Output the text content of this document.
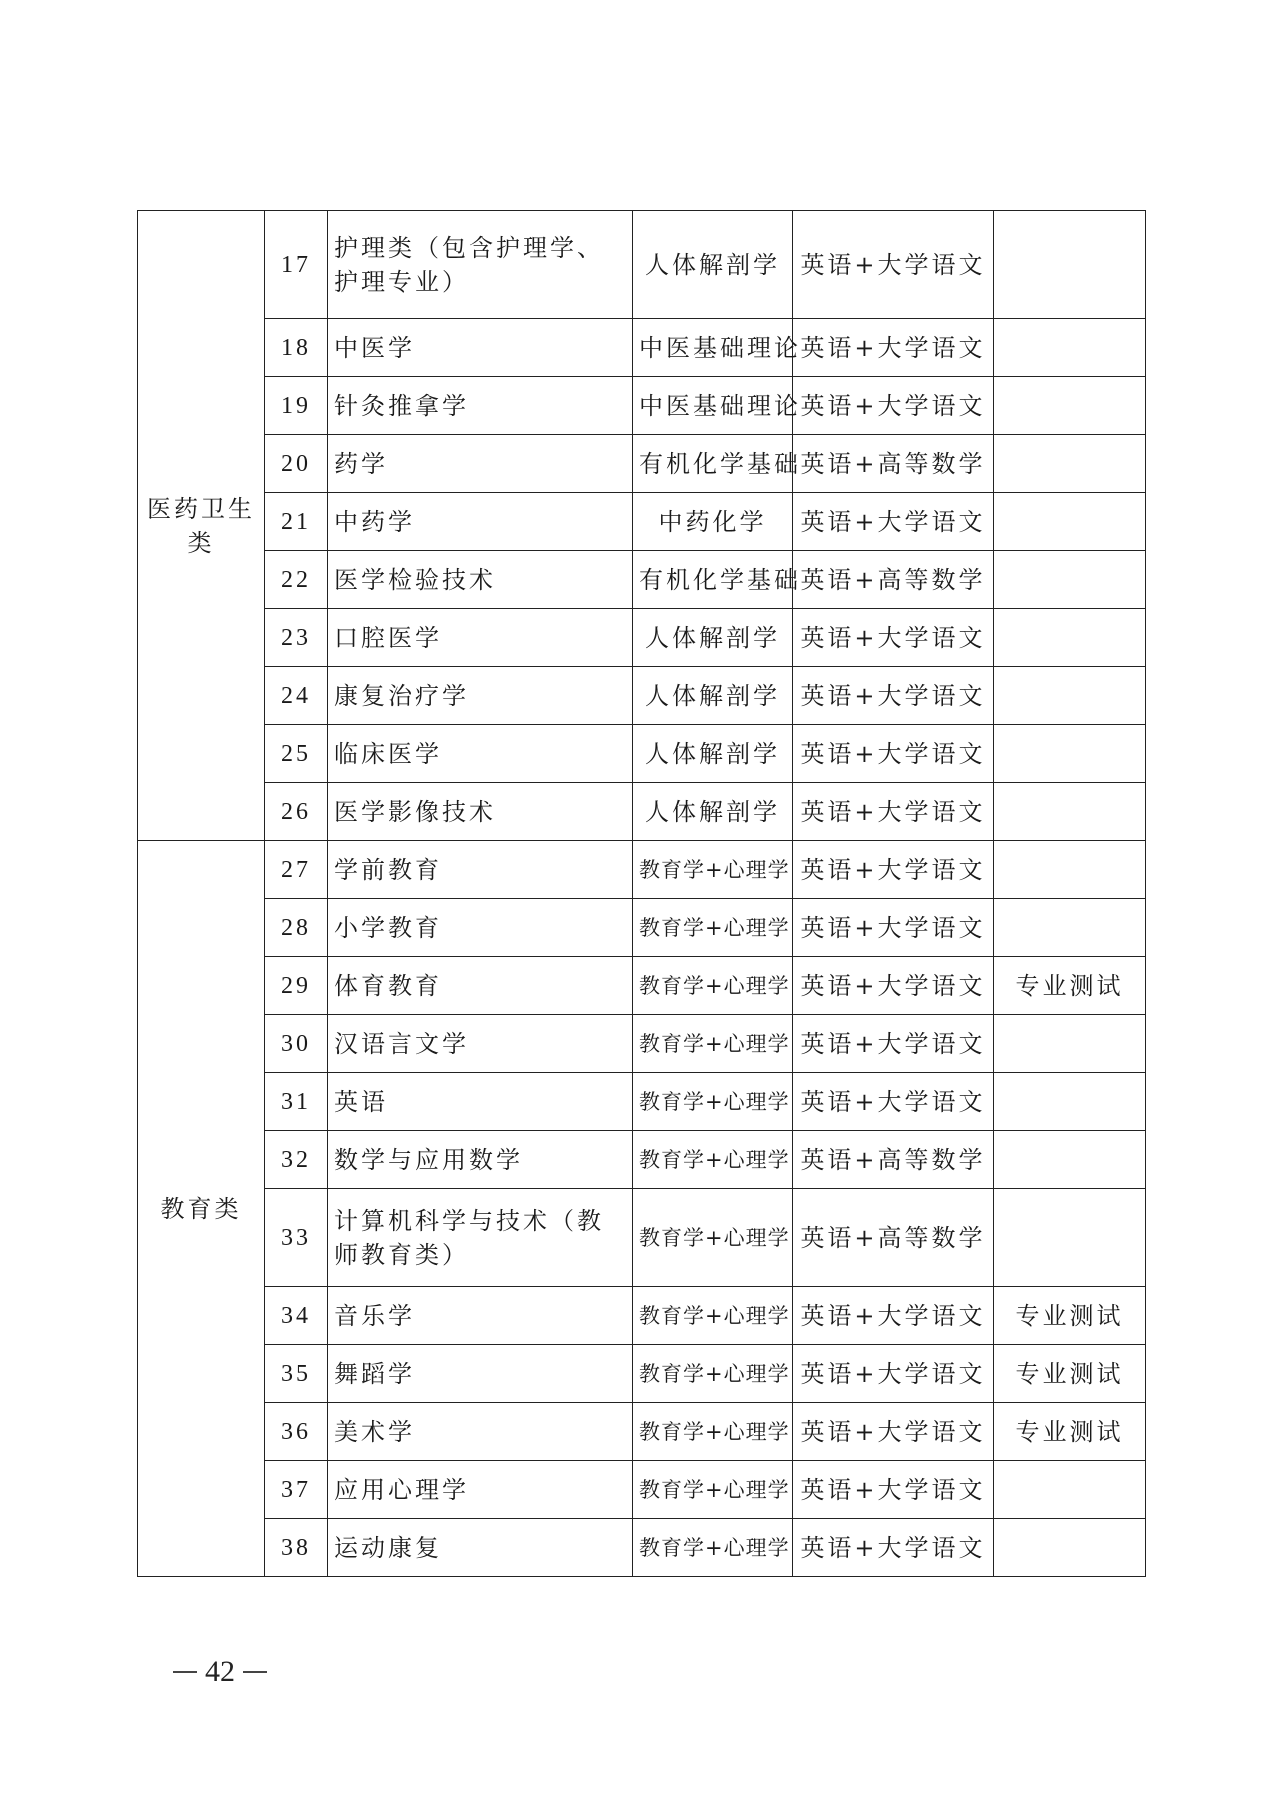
医药卫生类	17	护理类（包含护理学、护理专业）	人体解剖学	英语+大学语文	
	18	中医学	中医基础理论	英语+大学语文	
	19	针灸推拿学	中医基础理论	英语+大学语文	
	20	药学	有机化学基础	英语+高等数学	
	21	中药学	中药化学	英语+大学语文	
	22	医学检验技术	有机化学基础	英语+高等数学	
	23	口腔医学	人体解剖学	英语+大学语文	
	24	康复治疗学	人体解剖学	英语+大学语文	
	25	临床医学	人体解剖学	英语+大学语文	
	26	医学影像技术	人体解剖学	英语+大学语文	
教育类	27	学前教育	教育学+心理学	英语+大学语文	
	28	小学教育	教育学+心理学	英语+大学语文	
	29	体育教育	教育学+心理学	英语+大学语文	专业测试
	30	汉语言文学	教育学+心理学	英语+大学语文	
	31	英语	教育学+心理学	英语+大学语文	
	32	数学与应用数学	教育学+心理学	英语+高等数学	
	33	计算机科学与技术（教师教育类）	教育学+心理学	英语+高等数学	
	34	音乐学	教育学+心理学	英语+大学语文	专业测试
	35	舞蹈学	教育学+心理学	英语+大学语文	专业测试
	36	美术学	教育学+心理学	英语+大学语文	专业测试
	37	应用心理学	教育学+心理学	英语+大学语文	
	38	运动康复	教育学+心理学	英语+大学语文	
42
